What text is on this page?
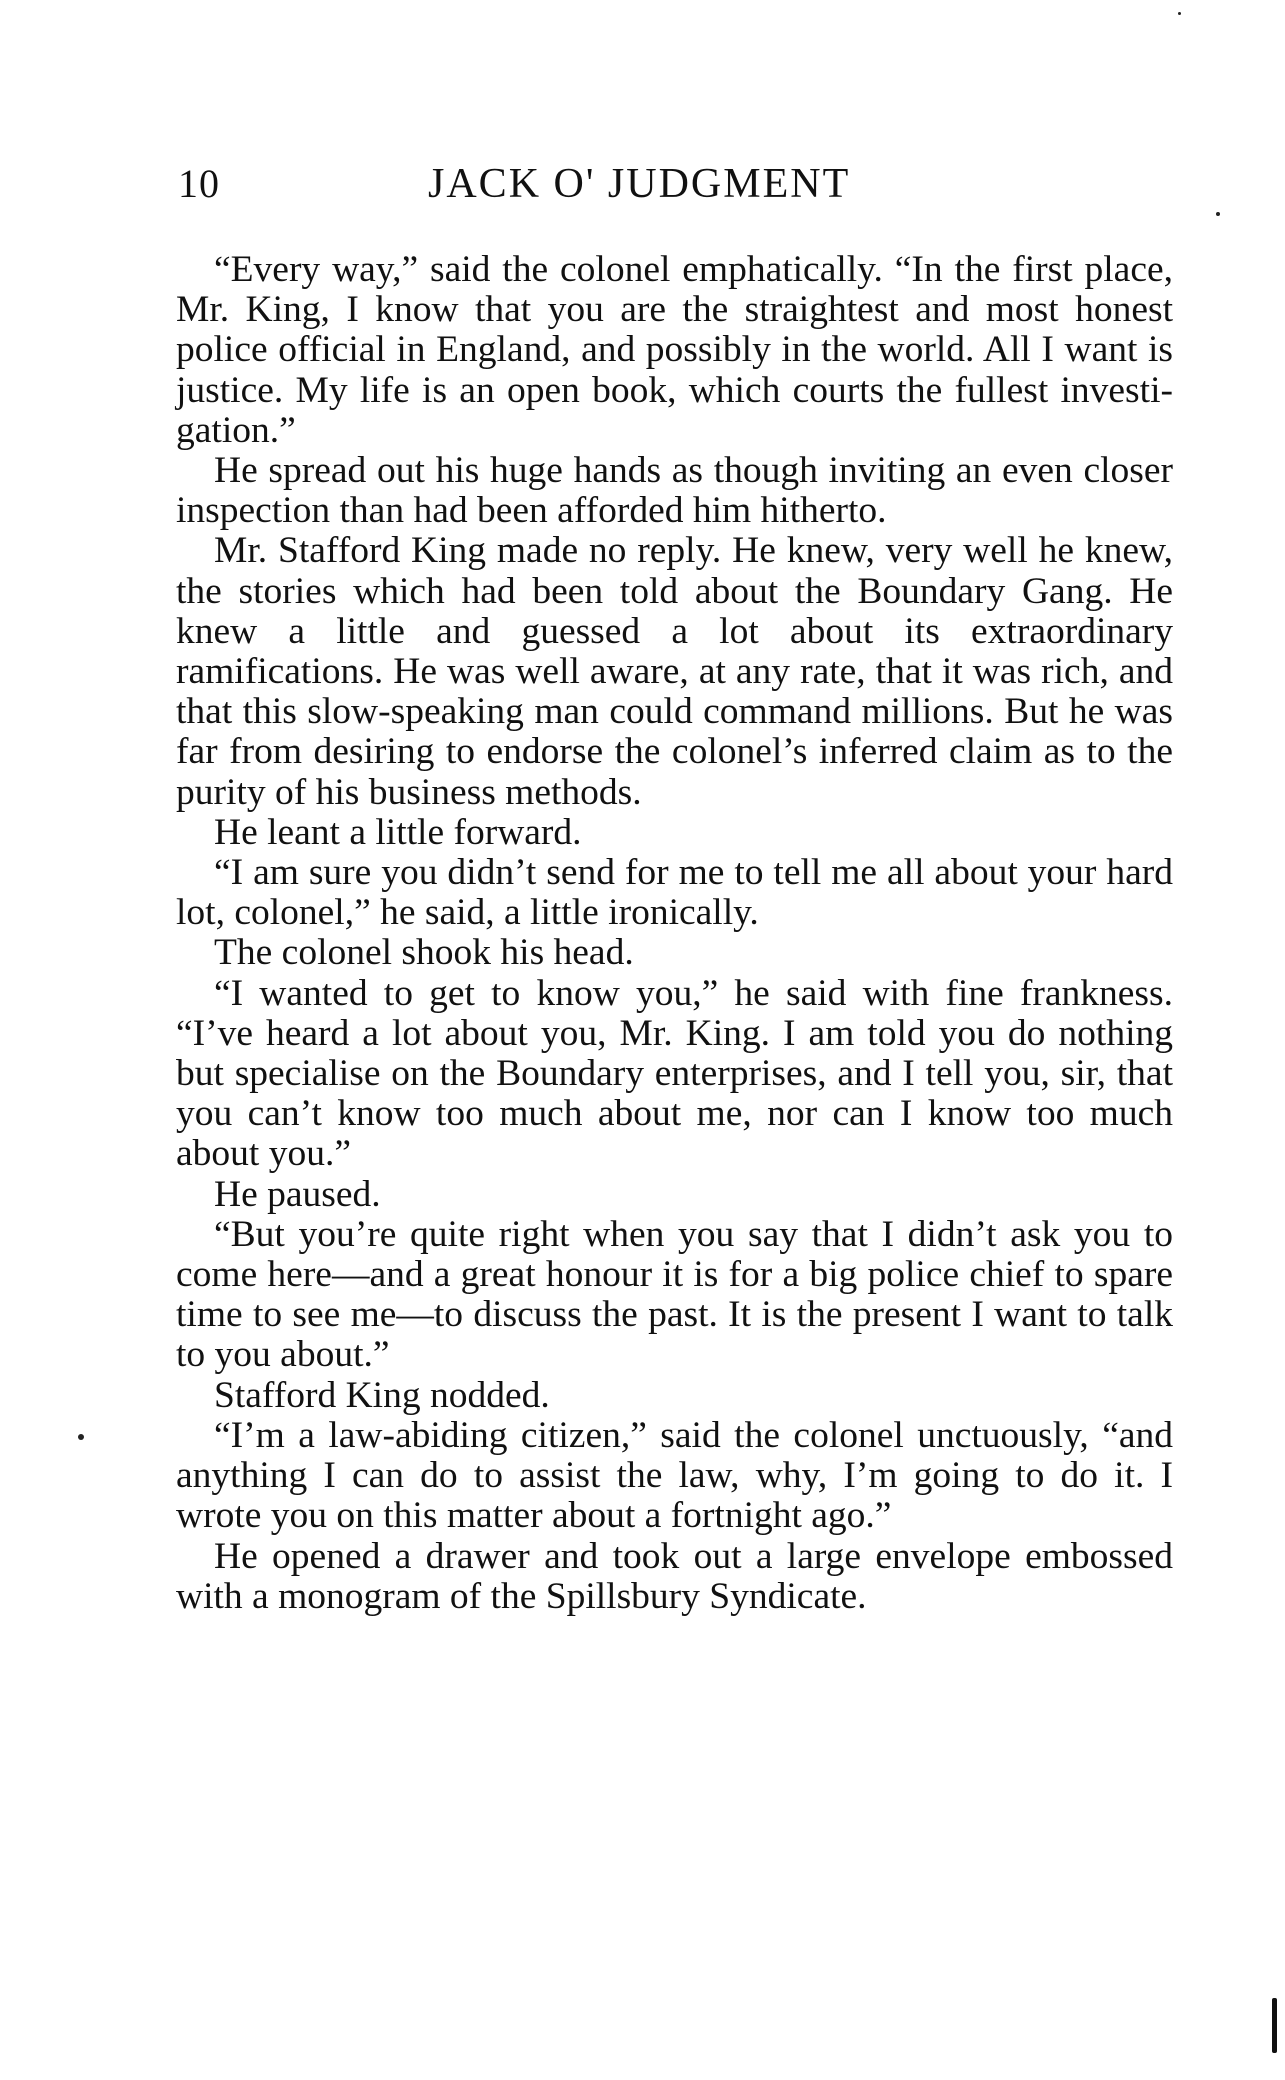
10	JACK O' JUDGMENT

“Every way,” said the colonel emphatically. “In the first place, Mr. King, I know that you are the straightest and most honest police official in England, and possibly in the world. All I want is justice. My life is an open book, which courts the fullest investigation.”

He spread out his huge hands as though inviting an even closer inspection than had been afforded him hitherto.

Mr. Stafford King made no reply. He knew, very well he knew, the stories which had been told about the Boundary Gang. He knew a little and guessed a lot about its extraordinary ramifications. He was well aware, at any rate, that it was rich, and that this slow-speaking man could command millions. But he was far from desiring to endorse the colonel’s inferred claim as to the purity of his business methods.

He leant a little forward.

“I am sure you didn’t send for me to tell me all about your hard lot, colonel,” he said, a little ironically.

The colonel shook his head.

“I wanted to get to know you,” he said with fine frankness. “I’ve heard a lot about you, Mr. King. I am told you do nothing but specialise on the Boundary enterprises, and I tell you, sir, that you can’t know too much about me, nor can I know too much about you.”

He paused.

“But you’re quite right when you say that I didn’t ask you to come here—and a great honour it is for a big police chief to spare time to see me—to discuss the past. It is the present I want to talk to you about.”

Stafford King nodded.

“I’m a law-abiding citizen,” said the colonel unctuously, “and anything I can do to assist the law, why, I’m going to do it. I wrote you on this matter about a fortnight ago.”

He opened a drawer and took out a large envelope embossed with a monogram of the Spillsbury Syndicate.
